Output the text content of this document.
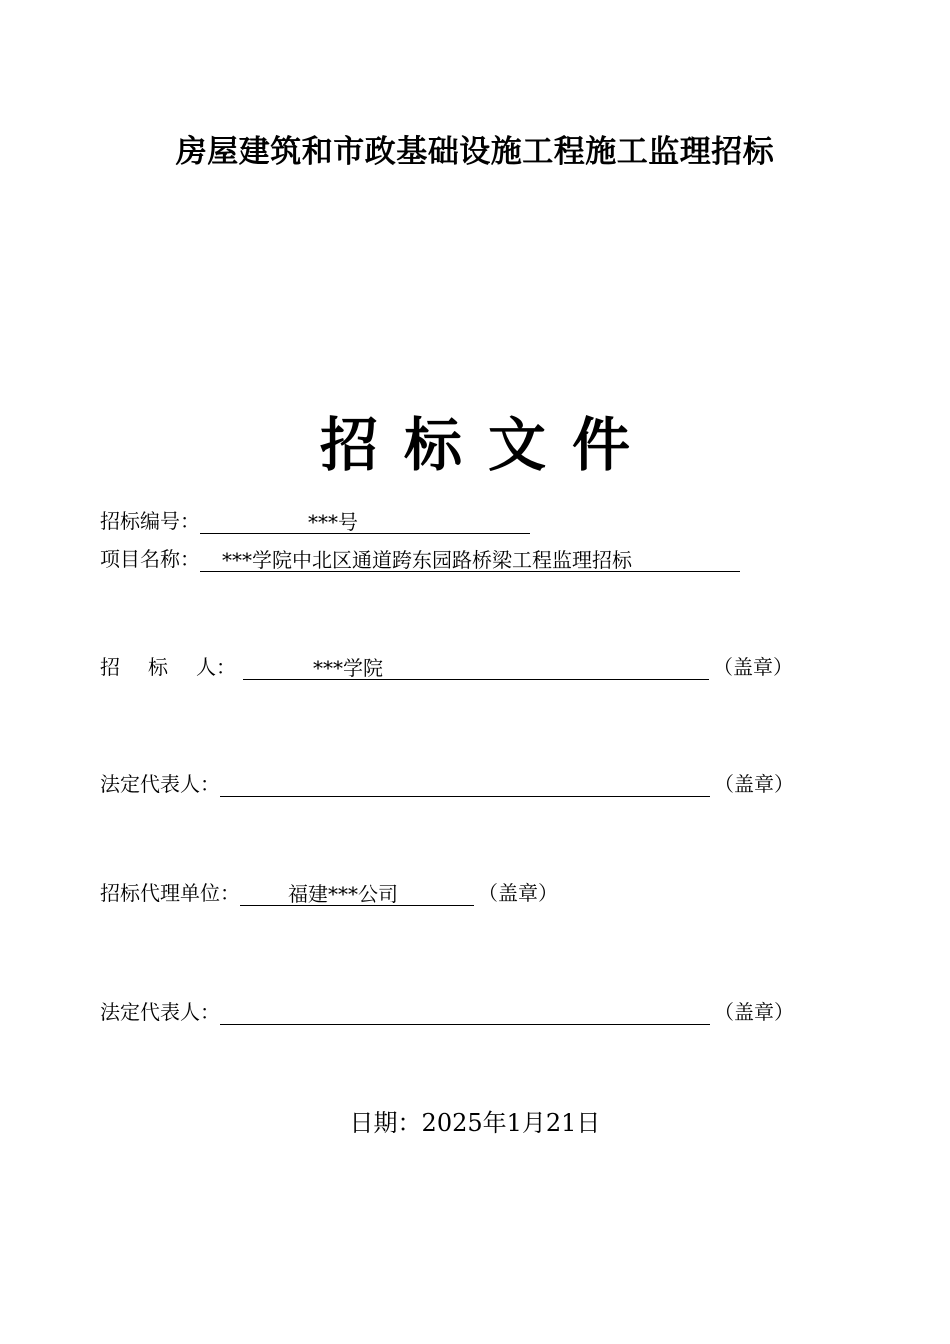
房屋建筑和市政基础设施工程施工监理招标
招标文件
招标编号：	***号
项目名称： ***学院中北区通道跨东园路桥梁工程监理招标
招 标 人：	***学院	（盖章）
法定代表人：	（盖章）
招标代理单位： 福建***公司	（盖章）
法定代表人：	（盖章）
日期：2025年1月21日
